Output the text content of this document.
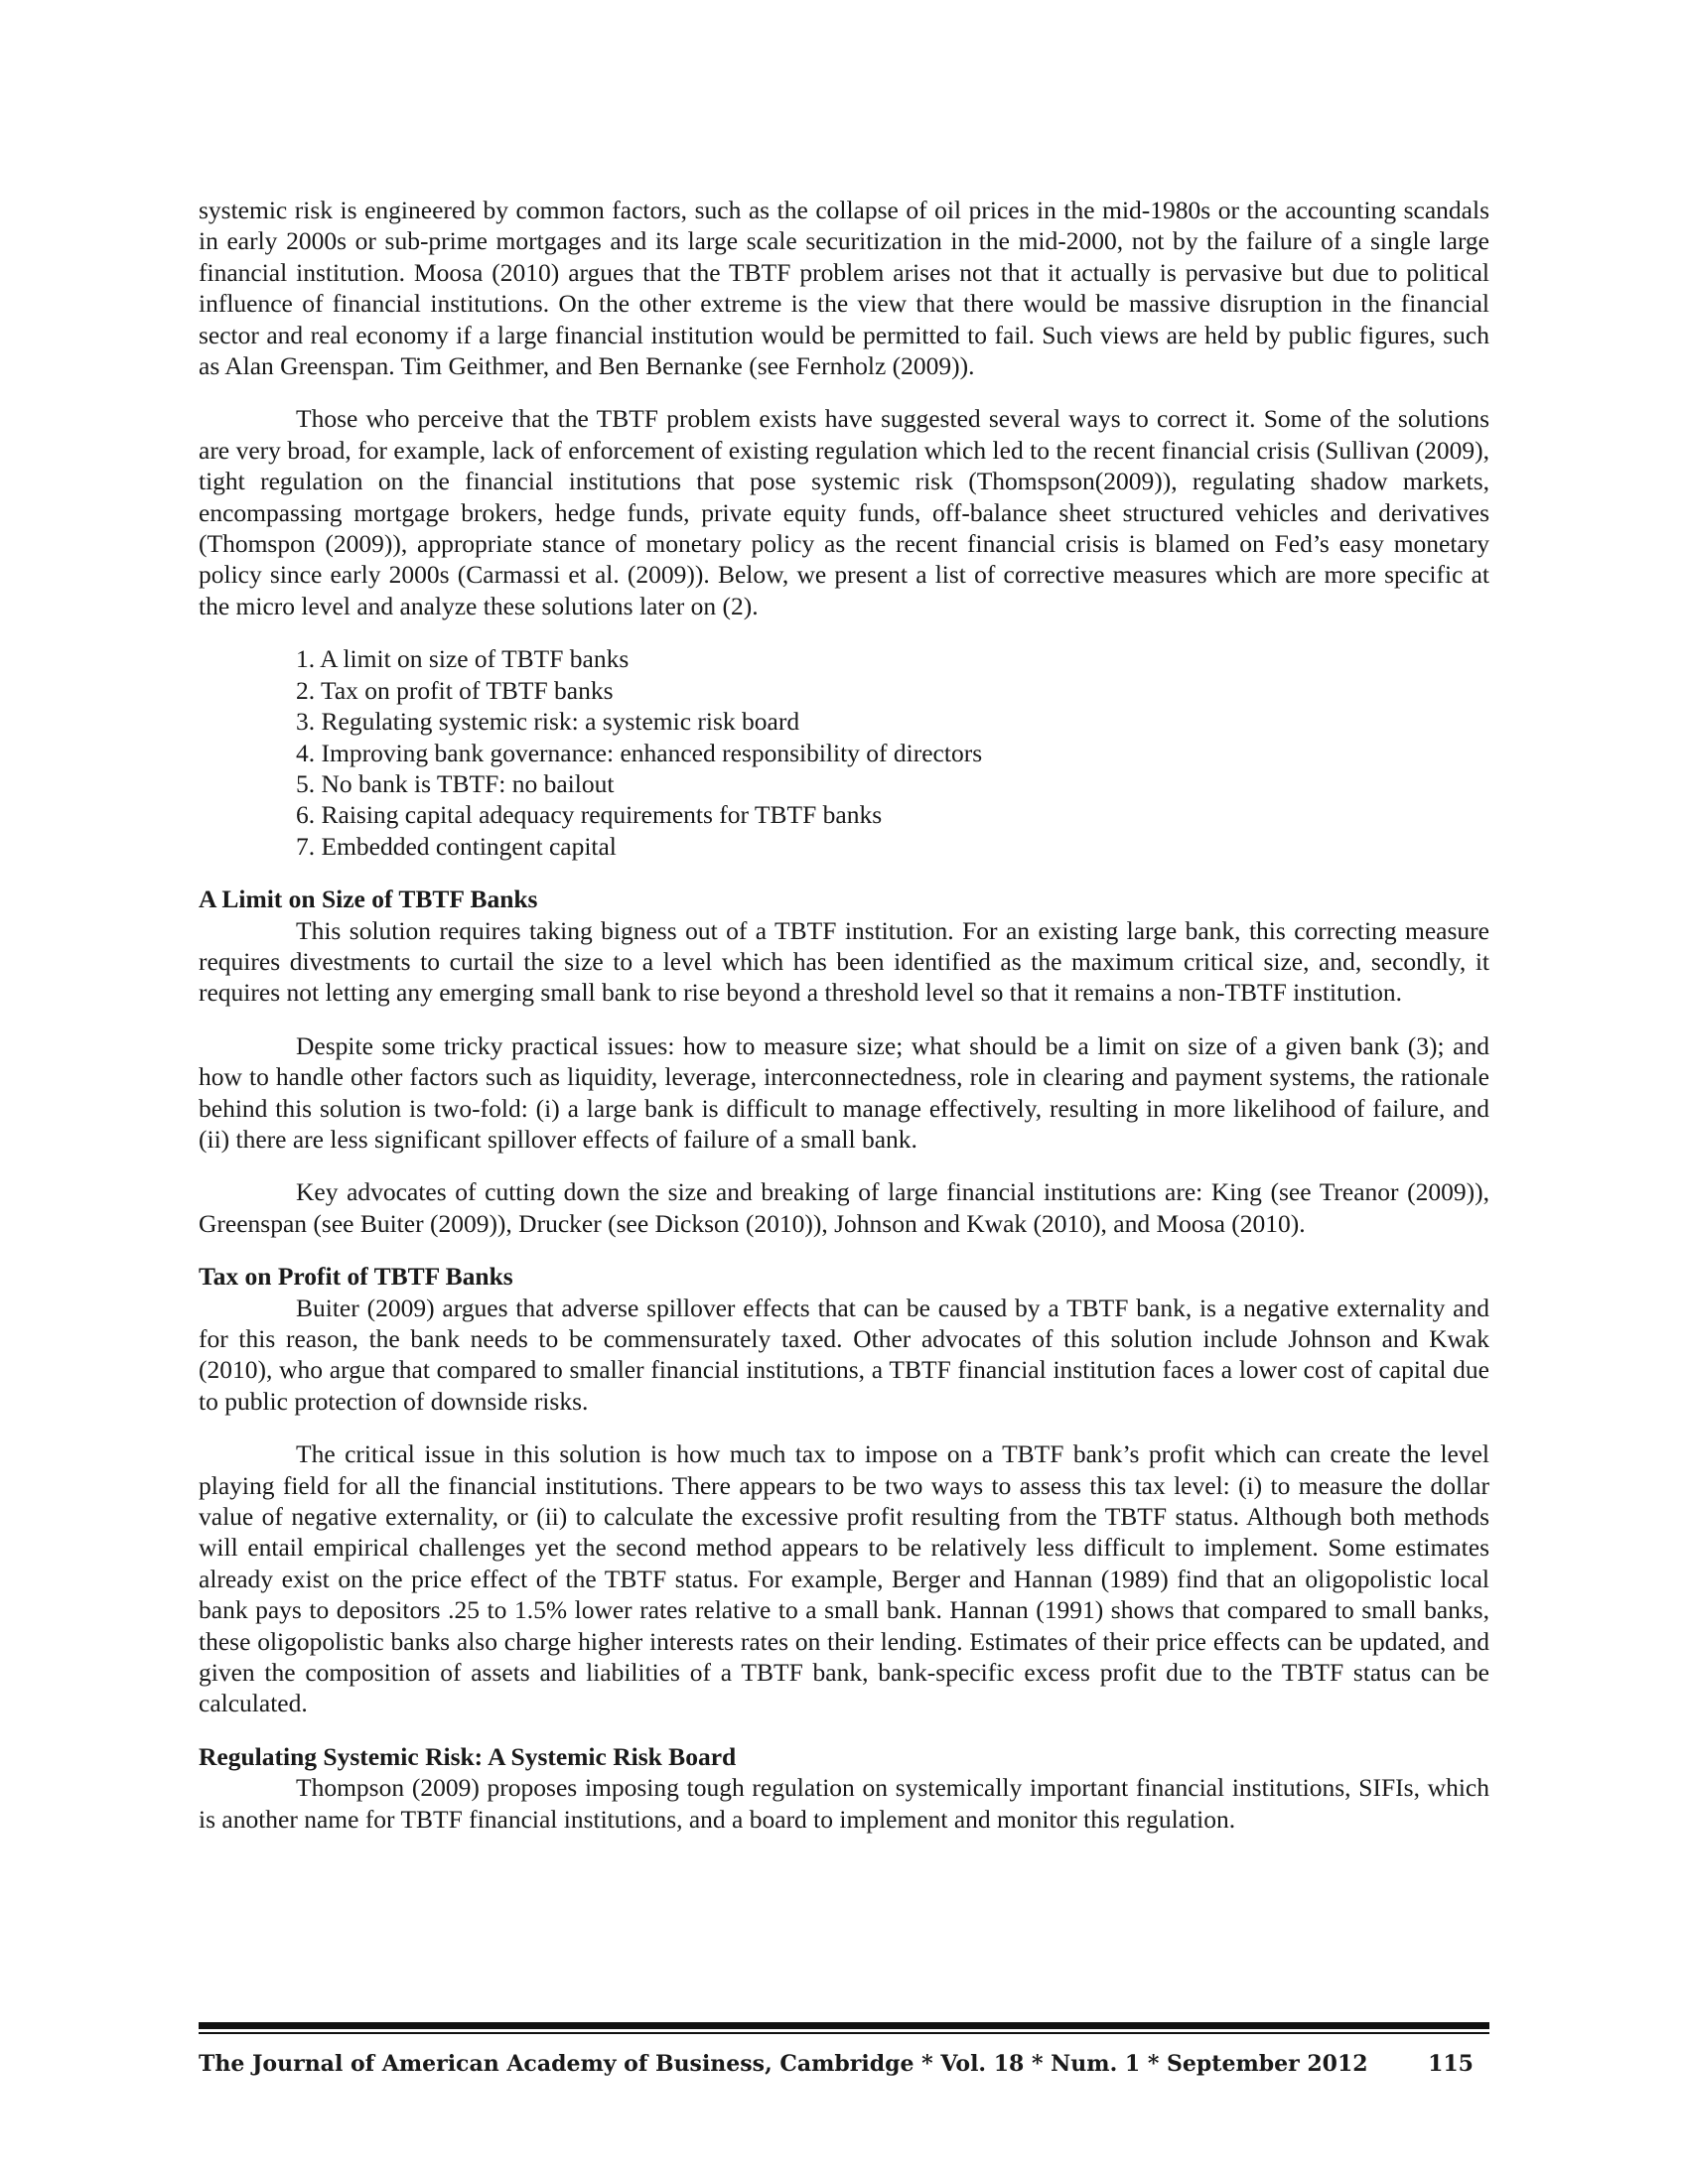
systemic risk is engineered by common factors, such as the collapse of oil prices in the mid-1980s or the accounting scandals in early 2000s or sub-prime mortgages and its large scale securitization in the mid-2000, not by the failure of a single large financial institution. Moosa (2010) argues that the TBTF problem arises not that it actually is pervasive but due to political influence of financial institutions. On the other extreme is the view that there would be massive disruption in the financial sector and real economy if a large financial institution would be permitted to fail. Such views are held by public figures, such as Alan Greenspan. Tim Geithmer, and Ben Bernanke (see Fernholz (2009)).

Those who perceive that the TBTF problem exists have suggested several ways to correct it. Some of the solutions are very broad, for example, lack of enforcement of existing regulation which led to the recent financial crisis (Sullivan (2009), tight regulation on the financial institutions that pose systemic risk (Thomspson(2009)), regulating shadow markets, encompassing mortgage brokers, hedge funds, private equity funds, off-balance sheet structured vehicles and derivatives (Thomspon (2009)), appropriate stance of monetary policy as the recent financial crisis is blamed on Fed’s easy monetary policy since early 2000s (Carmassi et al. (2009)). Below, we present a list of corrective measures which are more specific at the micro level and analyze these solutions later on (2).

1. A limit on size of TBTF banks
2. Tax on profit of TBTF banks
3. Regulating systemic risk: a systemic risk board
4. Improving bank governance: enhanced responsibility of directors
5. No bank is TBTF: no bailout
6. Raising capital adequacy requirements for TBTF banks
7. Embedded contingent capital
A Limit on Size of TBTF Banks

This solution requires taking bigness out of a TBTF institution. For an existing large bank, this correcting measure requires divestments to curtail the size to a level which has been identified as the maximum critical size, and, secondly, it requires not letting any emerging small bank to rise beyond a threshold level so that it remains a non-TBTF institution.

Despite some tricky practical issues: how to measure size; what should be a limit on size of a given bank (3); and how to handle other factors such as liquidity, leverage, interconnectedness, role in clearing and payment systems, the rationale behind this solution is two-fold: (i) a large bank is difficult to manage effectively, resulting in more likelihood of failure, and (ii) there are less significant spillover effects of failure of a small bank.

Key advocates of cutting down the size and breaking of large financial institutions are: King (see Treanor (2009)), Greenspan (see Buiter (2009)), Drucker (see Dickson (2010)), Johnson and Kwak (2010), and Moosa (2010).

Tax on Profit of TBTF Banks

Buiter (2009) argues that adverse spillover effects that can be caused by a TBTF bank, is a negative externality and for this reason, the bank needs to be commensurately taxed. Other advocates of this solution include Johnson and Kwak (2010), who argue that compared to smaller financial institutions, a TBTF financial institution faces a lower cost of capital due to public protection of downside risks.

The critical issue in this solution is how much tax to impose on a TBTF bank’s profit which can create the level playing field for all the financial institutions. There appears to be two ways to assess this tax level: (i) to measure the dollar value of negative externality, or (ii) to calculate the excessive profit resulting from the TBTF status. Although both methods will entail empirical challenges yet the second method appears to be relatively less difficult to implement. Some estimates already exist on the price effect of the TBTF status. For example, Berger and Hannan (1989) find that an oligopolistic local bank pays to depositors .25 to 1.5% lower rates relative to a small bank. Hannan (1991) shows that compared to small banks, these oligopolistic banks also charge higher interests rates on their lending. Estimates of their price effects can be updated, and given the composition of assets and liabilities of a TBTF bank, bank-specific excess profit due to the TBTF status can be calculated.

Regulating Systemic Risk: A Systemic Risk Board

Thompson (2009) proposes imposing tough regulation on systemically important financial institutions, SIFIs, which is another name for TBTF financial institutions, and a board to implement and monitor this regulation.

The Journal of American Academy of Business, Cambridge * Vol. 18 * Num. 1 * September 2012	115
